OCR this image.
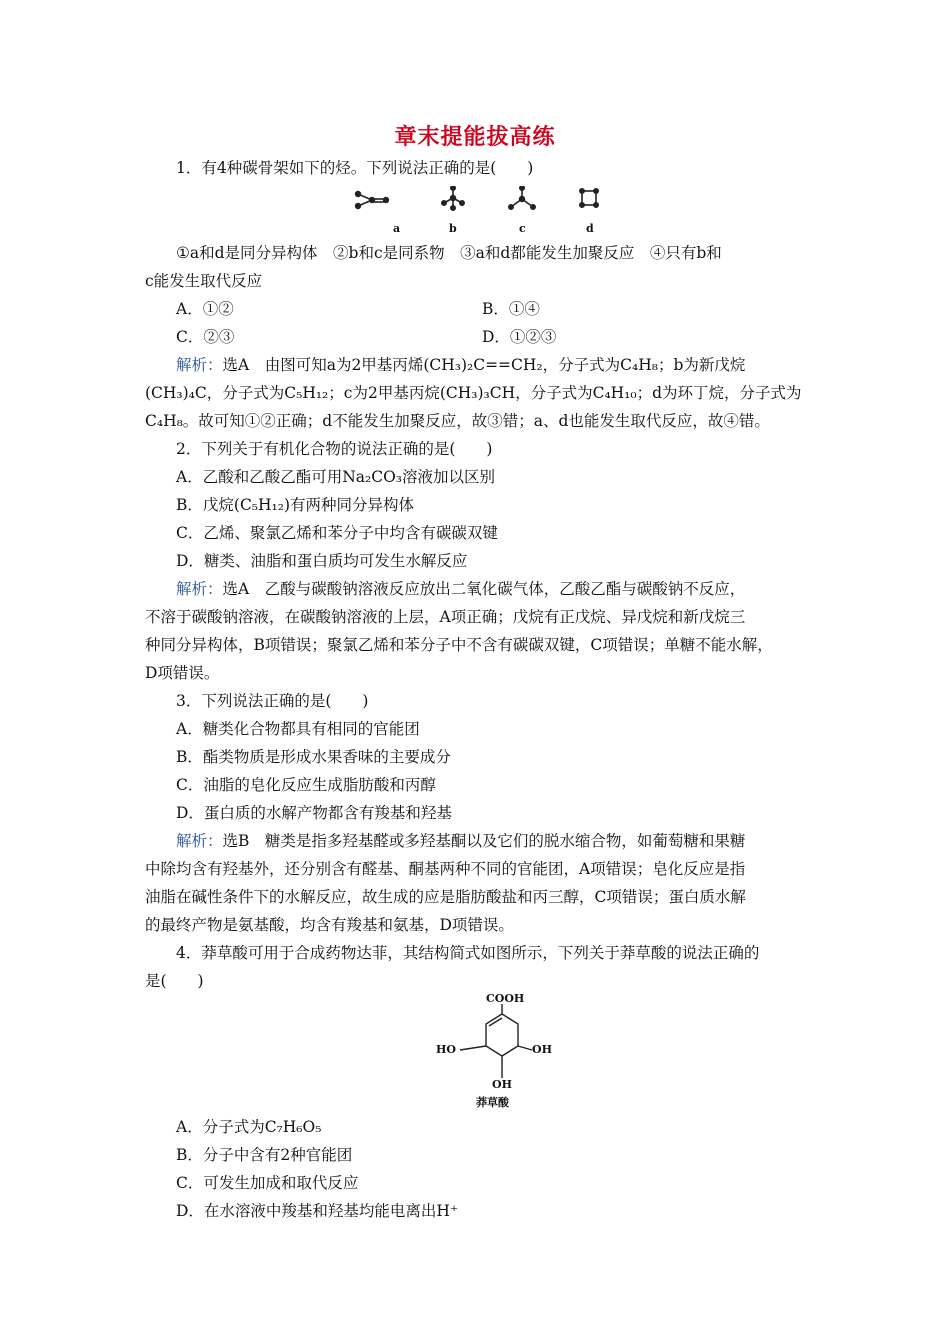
章末提能拔高练
1．有4种碳骨架如下的烃。下列说法正确的是(　　)
a	b	c	d
①a和d是同分异构体　②b和c是同系物　③a和d都能发生加聚反应　④只有b和
c能发生取代反应
A．①②	B．①④
C．②③	D．①②③
解析：选A　由图可知a为2甲基丙烯(CH₃)₂C==CH₂，分子式为C₄H₈；b为新戊烷
(CH₃)₄C，分子式为C₅H₁₂；c为2甲基丙烷(CH₃)₃CH，分子式为C₄H₁₀；d为环丁烷，分子式为
C₄H₈。故可知①②正确；d不能发生加聚反应，故③错；a、d也能发生取代反应，故④错。
2．下列关于有机化合物的说法正确的是(　　)
A．乙酸和乙酸乙酯可用Na₂CO₃溶液加以区别
B．戊烷(C₅H₁₂)有两种同分异构体
C．乙烯、聚氯乙烯和苯分子中均含有碳碳双键
D．糖类、油脂和蛋白质均可发生水解反应
解析：选A　乙酸与碳酸钠溶液反应放出二氧化碳气体，乙酸乙酯与碳酸钠不反应，
不溶于碳酸钠溶液，在碳酸钠溶液的上层，A项正确；戊烷有正戊烷、异戊烷和新戊烷三
种同分异构体，B项错误；聚氯乙烯和苯分子中不含有碳碳双键，C项错误；单糖不能水解，
D项错误。
3．下列说法正确的是(　　)
A．糖类化合物都具有相同的官能团
B．酯类物质是形成水果香味的主要成分
C．油脂的皂化反应生成脂肪酸和丙醇
D．蛋白质的水解产物都含有羧基和羟基
解析：选B　糖类是指多羟基醛或多羟基酮以及它们的脱水缩合物，如葡萄糖和果糖
中除均含有羟基外，还分别含有醛基、酮基两种不同的官能团，A项错误；皂化反应是指
油脂在碱性条件下的水解反应，故生成的应是脂肪酸盐和丙三醇，C项错误；蛋白质水解
的最终产物是氨基酸，均含有羧基和氨基，D项错误。
4．莽草酸可用于合成药物达菲，其结构简式如图所示，下列关于莽草酸的说法正确的
是(　　)
COOH
HO	OH
OH
莽草酸
A．分子式为C₇H₆O₅
B．分子中含有2种官能团
C．可发生加成和取代反应
D．在水溶液中羧基和羟基均能电离出H⁺
